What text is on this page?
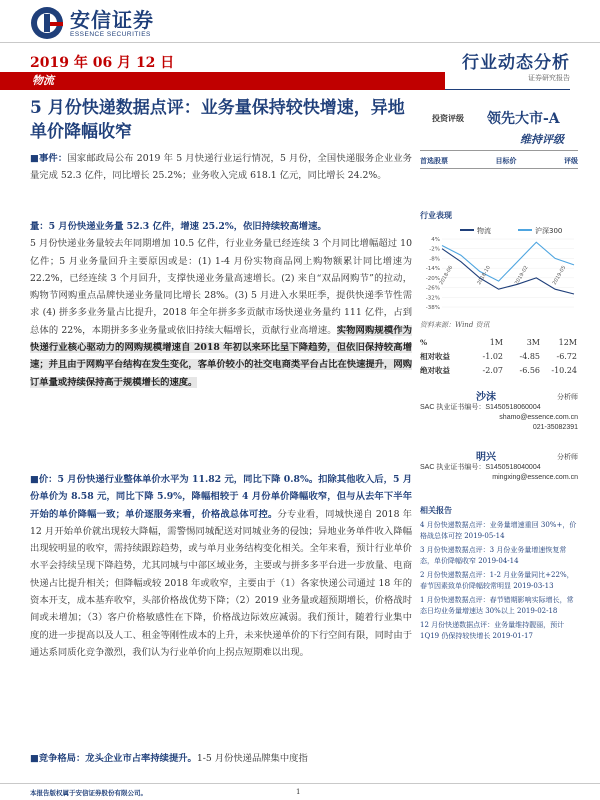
安信证券
ESSENCE SECURITIES
2019 年 06 月 12 日
物流
行业动态分析
证券研究报告
5 月份快递数据点评：业务量保持较快增速，异地单价降幅收窄
投资评级 领先大市-A
维持评级
首选股票	目标价	评级
■事件：国家邮政局公布 2019 年 5 月快递行业运行情况，5 月份，全国快递服务企业业务量完成 52.3 亿件，同比增长 25.2%；业务收入完成 618.1 亿元，同比增长 24.2%。
量：5 月份快递业务量 52.3 亿件，增速 25.2%，依旧持续较高增速。
5 月份快递业务量较去年同期增加 10.5 亿件，行业业务量已经连续 3 个月同比增幅超过 10 亿件；5 月业务量回升主要原因或是：(1) 1-4 月份实物商品网上购物额累计同比增速为 22.2%，已经连续 3 个月回升，支撑快递业务量高速增长。(2) 来自“双品网购节”的拉动，购物节网购重点品牌快递业务量同比增长 28%。(3) 5 月进入水果旺季，提供快递季节性需求 (4) 拼多多业务量占比提升，2018 年全年拼多多贡献市场快递业务量约 111 亿件，占到总体的 22%，本期拼多多业务量或依旧持续大幅增长，贡献行业高增速。实物网购规模作为快递行业核心驱动力的网购规模增速自 2018 年初以来环比呈下降趋势，但依旧保持较高增速；并且由于网购平台结构在发生变化，客单价较小的社交电商类平台占比在快速提升，网购订单量或持续保持高于规模增长的速度。
■价：5 月份快递行业整体单价水平为 11.82 元，同比下降 0.8%。扣除其他收入后，5 月份单价为 8.58 元，同比下降 5.9%，降幅相较于 4 月份单价降幅收窄，但与从去年下半年开始的单价降幅一致；单价逐服务来看，价格战总体可控。分专业看，同城快递自 2018 年 12 月开始单价就出现较大降幅，需警惕同城配送对同城业务的侵蚀；异地业务单件收入降幅出现较明显的收窄，需持续跟踪趋势，或与单月业务结构变化相关。全年来看，预计行业单价水平会持续呈现下降趋势，尤其同城与中部区域业务，主要或与拼多多平台进一步放量、电商快递占比提升相关；但降幅或较 2018 年或收窄，主要由于（1）各家快递公司通过 18 年的资本开支，成本基弃收窄，头部价格战优势下降；（2）2019 业务量或超预期增长，价格战时间或未增加；（3）客户价格敏感性在下降，价格战边际效应减弱。我们预计，随着行业集中度的进一步提高以及人工、租金等刚性成本的上升，未来快递单价的下行空间有限，同时由于通达系同质化竞争激烈，我们认为行业单价向上拐点短期难以出现。
■竞争格局：龙头企业市占率持续提升。1-5 月份快递品牌集中度指
行业表现
物流	沪深300
4%
-2%
-8%
-14%
-20%
-26%
-32%
-38%
2018-06	2018-10	2019-02	2019-05
资料来源：Wind 资讯
%	1M	3M	12M
相对收益	-1.02	-4.85	-6.72
绝对收益	-2.07	-6.56	-10.24
沙沫	分析师
SAC 执业证书编号：S1450518060004
shamo@essence.com.cn
021-35082391
明兴	分析师
SAC 执业证书编号：S1450518040004
mingxing@essence.com.cn
相关报告
4 月份快递数据点评：业务量增速重回 30%+，价格战总体可控 2019-05-14
3 月份快递数据点评：3 月份业务量增速恢复常态，单价降幅收窄 2019-04-14
2 月份快递数据点评：1-2 月业务量同比+22%，春节因素致单价降幅较常明显 2019-03-13
1 月份快递数据点评：春节错期影响实际增长，常态日均业务量增速达 30%以上 2019-02-18
12 月份快递数据点评：业务量维持靓丽，预计 1Q19 仍保持较快增长 2019-01-17
本报告版权属于安信证券股份有限公司。	1
